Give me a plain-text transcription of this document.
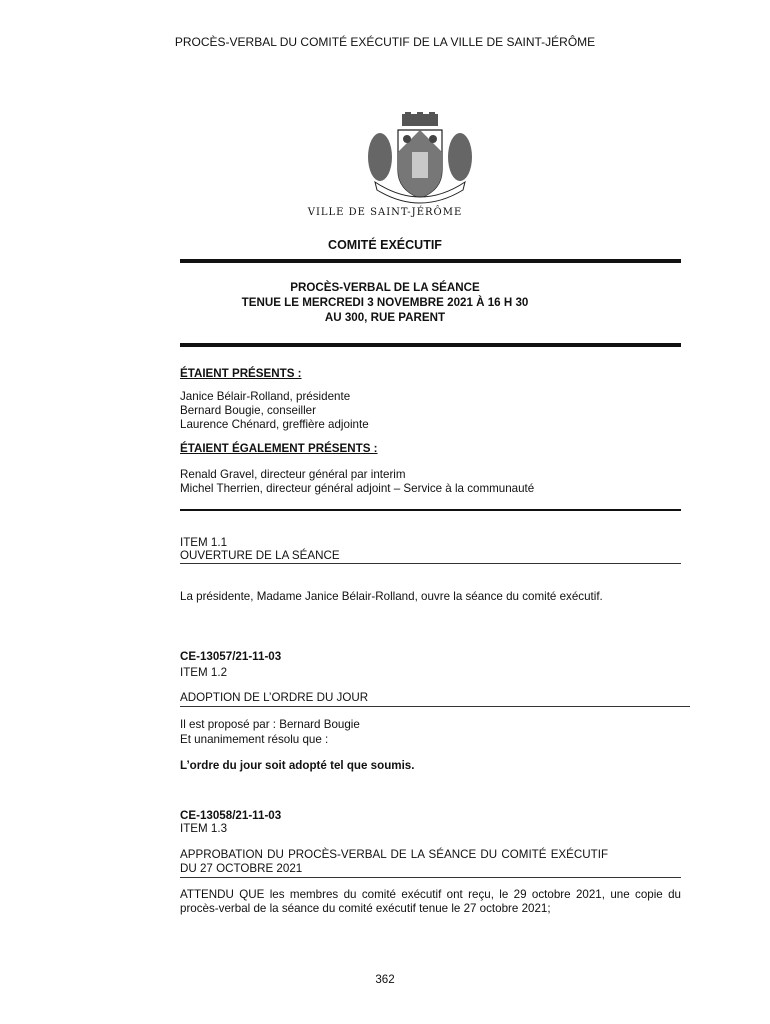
PROCÈS-VERBAL DU COMITÉ EXÉCUTIF DE LA VILLE DE SAINT-JÉRÔME
VILLE DE SAINT-JÉRÔME
COMITÉ EXÉCUTIF
PROCÈS-VERBAL DE LA SÉANCE
TENUE LE MERCREDI 3 NOVEMBRE 2021 À 16 H 30
AU 300, RUE PARENT
ÉTAIENT PRÉSENTS :
Janice Bélair-Rolland, présidente
Bernard Bougie, conseiller
Laurence Chénard, greffière adjointe
ÉTAIENT ÉGALEMENT PRÉSENTS :
Renald Gravel, directeur général par interim
Michel Therrien, directeur général adjoint – Service à la communauté
ITEM 1.1
OUVERTURE DE LA SÉANCE
La présidente, Madame Janice Bélair-Rolland, ouvre la séance du comité exécutif.
CE-13057/21-11-03
ITEM 1.2
ADOPTION DE L’ORDRE DU JOUR
Il est proposé par : Bernard Bougie
Et unanimement résolu que :
L’ordre du jour soit adopté tel que soumis.
CE-13058/21-11-03
ITEM 1.3
APPROBATION DU PROCÈS-VERBAL DE LA SÉANCE DU COMITÉ EXÉCUTIF
DU 27 OCTOBRE 2021
ATTENDU QUE les membres du comité exécutif ont reçu, le 29 octobre 2021, une copie du procès-verbal de la séance du comité exécutif tenue le 27 octobre 2021;
362
